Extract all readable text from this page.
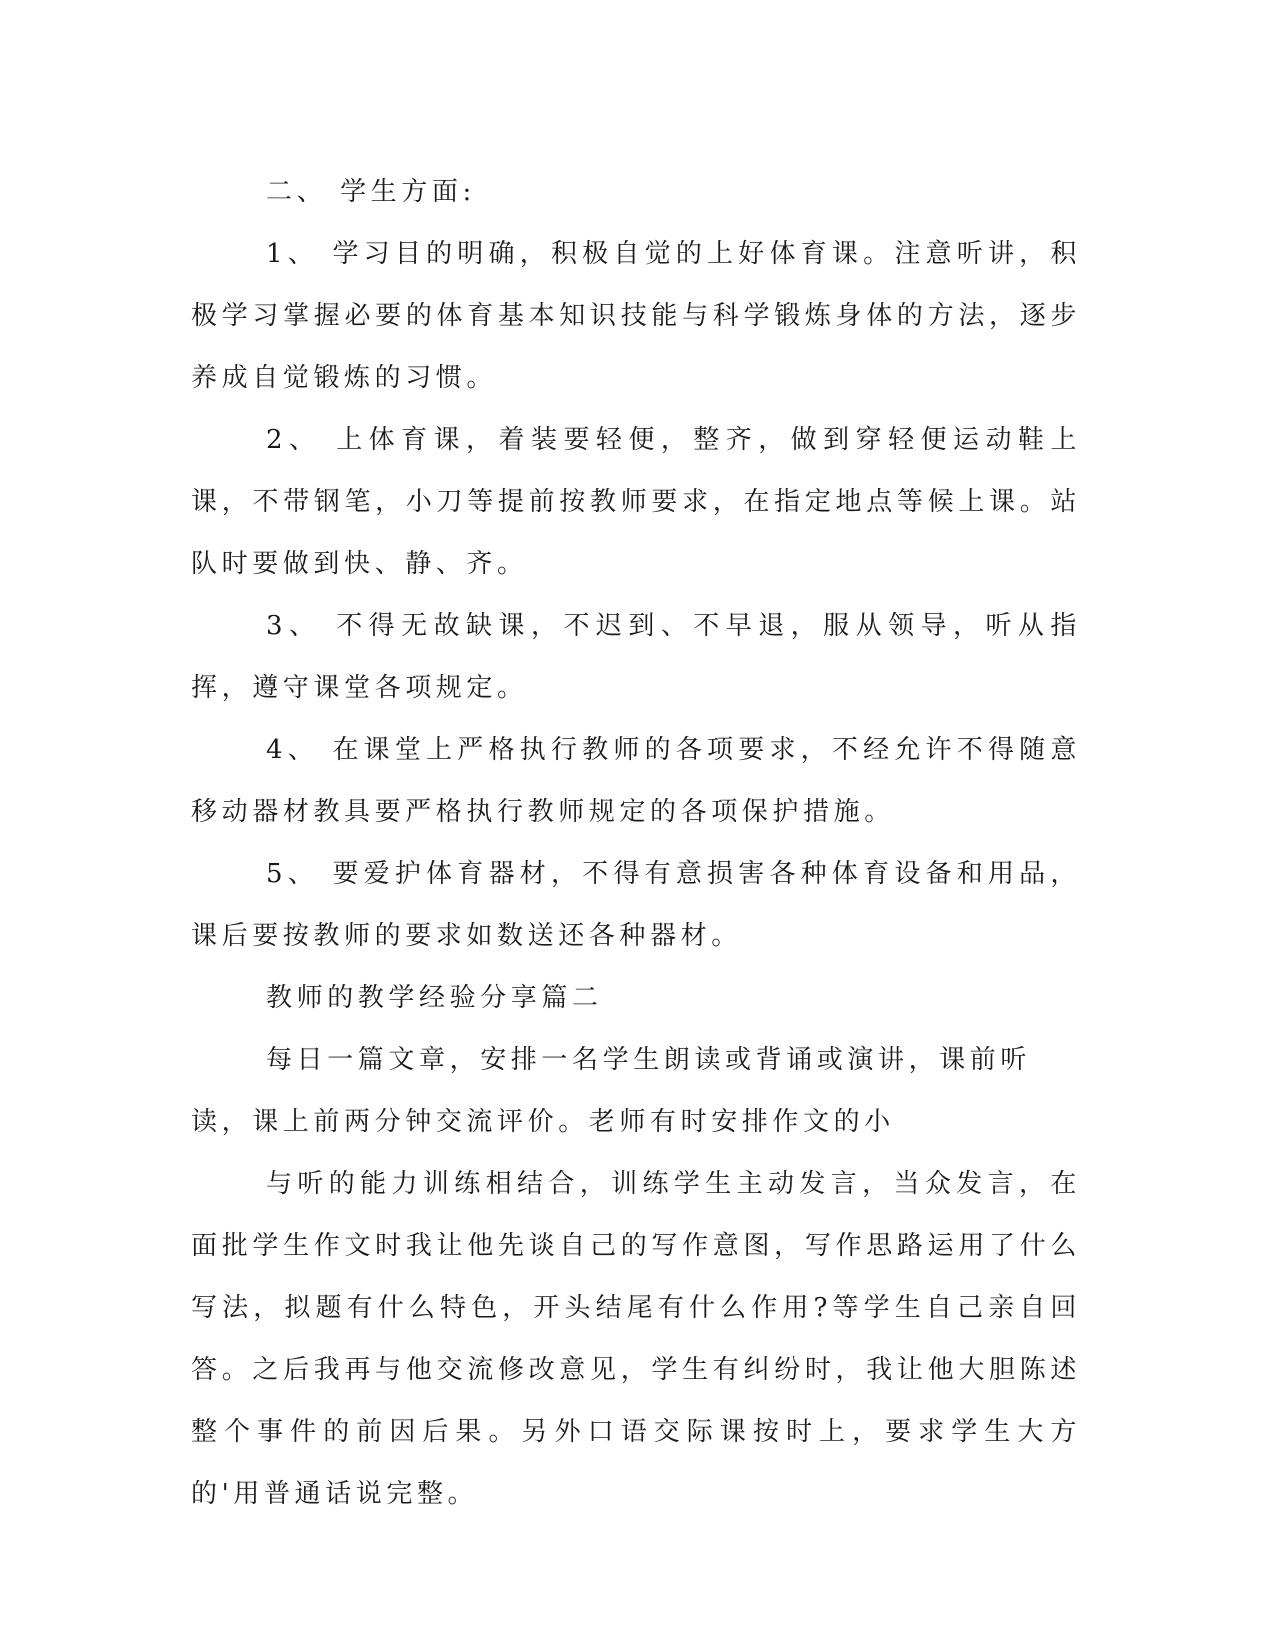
二、 学生方面:

1、 学习目的明确，积极自觉的上好体育课。注意听讲，积极学习掌握必要的体育基本知识技能与科学锻炼身体的方法，逐步养成自觉锻炼的习惯。

2、 上体育课，着装要轻便，整齐，做到穿轻便运动鞋上课，不带钢笔，小刀等提前按教师要求，在指定地点等候上课。站队时要做到快、静、齐。

3、 不得无故缺课，不迟到、不早退，服从领导，听从指挥，遵守课堂各项规定。

4、 在课堂上严格执行教师的各项要求，不经允许不得随意移动器材教具要严格执行教师规定的各项保护措施。

5、 要爱护体育器材，不得有意损害各种体育设备和用品，课后要按教师的要求如数送还各种器材。

教师的教学经验分享篇二

每日一篇文章，安排一名学生朗读或背诵或演讲，课前听读，课上前两分钟交流评价。老师有时安排作文的小

与听的能力训练相结合，训练学生主动发言，当众发言，在面批学生作文时我让他先谈自己的写作意图，写作思路运用了什么写法，拟题有什么特色，开头结尾有什么作用?等学生自己亲自回答。之后我再与他交流修改意见，学生有纠纷时，我让他大胆陈述整个事件的前因后果。另外口语交际课按时上，要求学生大方的'用普通话说完整。
